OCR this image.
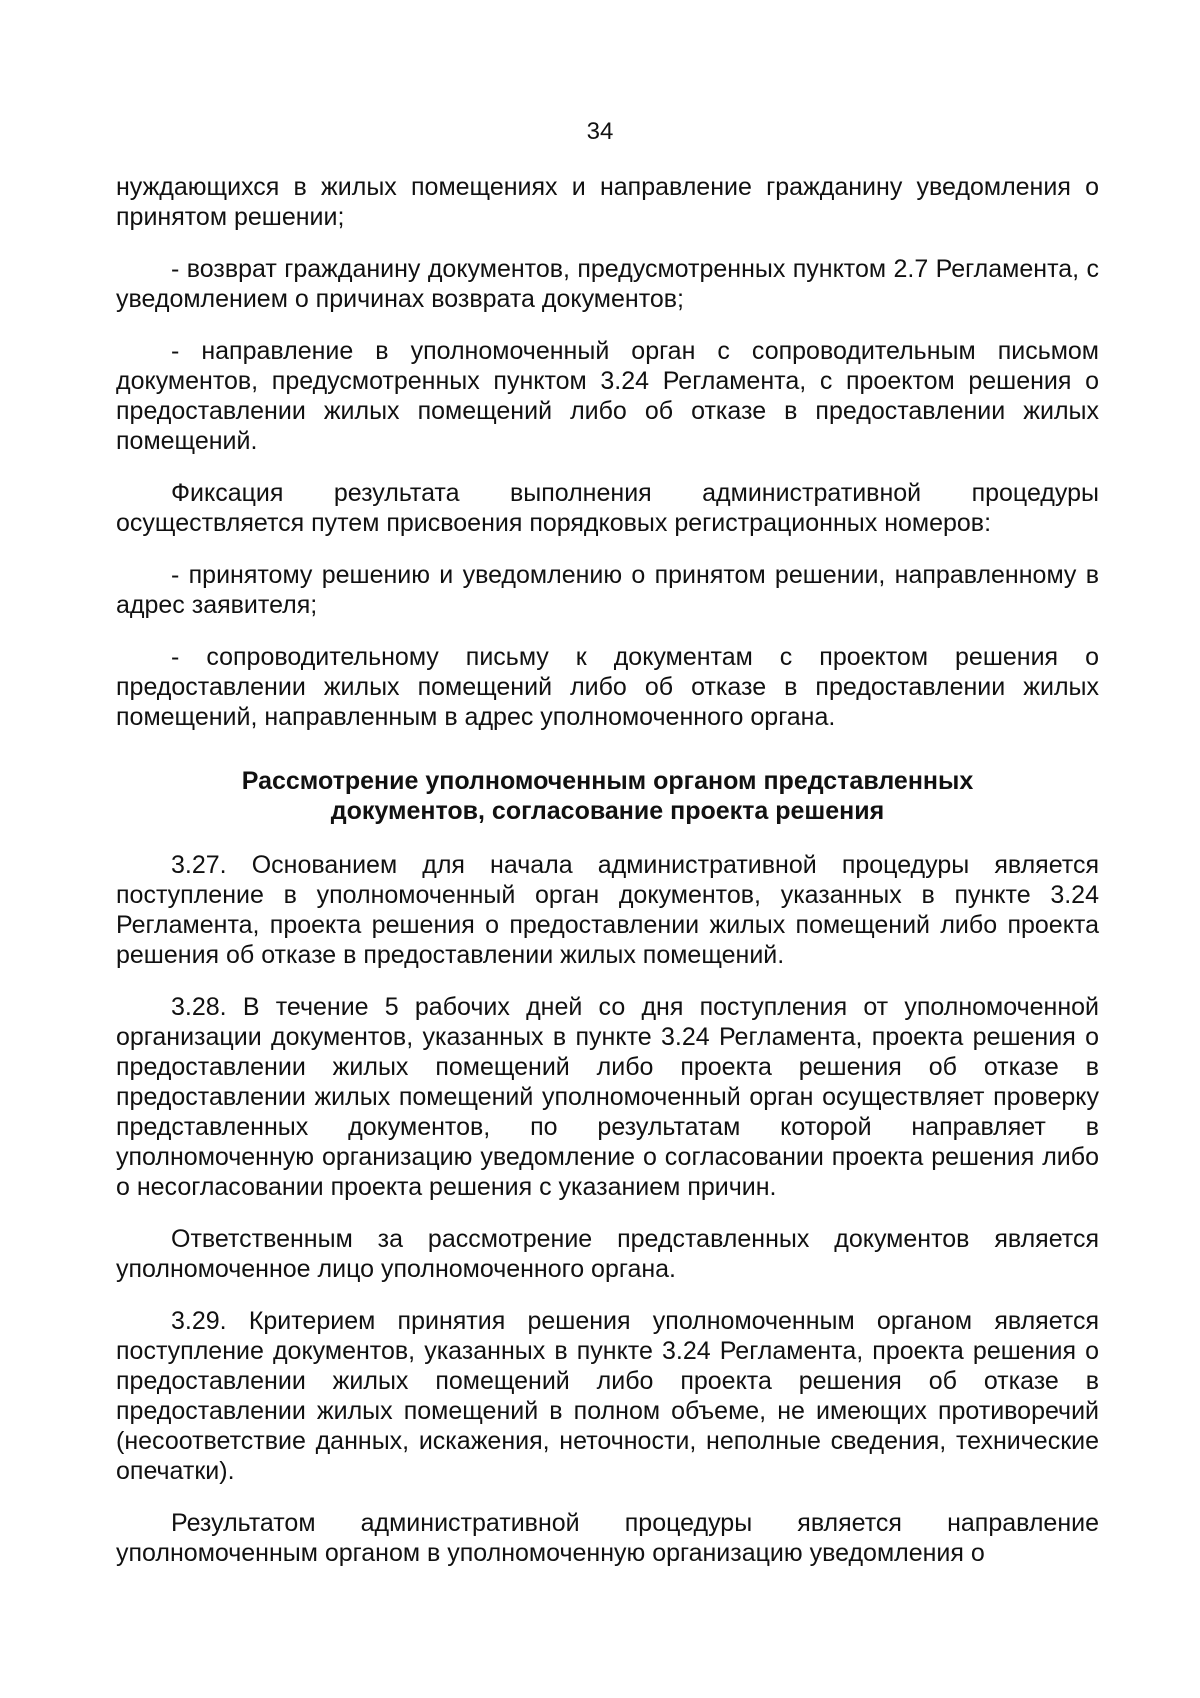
34

нуждающихся в жилых помещениях и направление гражданину уведомления о принятом решении;

- возврат гражданину документов, предусмотренных пунктом 2.7 Регламента, с уведомлением о причинах возврата документов;

- направление в уполномоченный орган с сопроводительным письмом документов, предусмотренных пунктом 3.24 Регламента, с проектом решения о предоставлении жилых помещений либо об отказе в предоставлении жилых помещений.

Фиксация результата выполнения административной процедуры осуществляется путем присвоения порядковых регистрационных номеров:

- принятому решению и уведомлению о принятом решении, направленному в адрес заявителя;

- сопроводительному письму к документам с проектом решения о предоставлении жилых помещений либо об отказе в предоставлении жилых помещений, направленным в адрес уполномоченного органа.

Рассмотрение уполномоченным органом представленных
документов, согласование проекта решения

3.27. Основанием для начала административной процедуры является поступление в уполномоченный орган документов, указанных в пункте 3.24 Регламента, проекта решения о предоставлении жилых помещений либо проекта решения об отказе в предоставлении жилых помещений.

3.28. В течение 5 рабочих дней со дня поступления от уполномоченной организации документов, указанных в пункте 3.24 Регламента, проекта решения о предоставлении жилых помещений либо проекта решения об отказе в предоставлении жилых помещений уполномоченный орган осуществляет проверку представленных документов, по результатам которой направляет в уполномоченную организацию уведомление о согласовании проекта решения либо о несогласовании проекта решения с указанием причин.

Ответственным за рассмотрение представленных документов является уполномоченное лицо уполномоченного органа.

3.29. Критерием принятия решения уполномоченным органом является поступление документов, указанных в пункте 3.24 Регламента, проекта решения о предоставлении жилых помещений либо проекта решения об отказе в предоставлении жилых помещений в полном объеме, не имеющих противоречий (несоответствие данных, искажения, неточности, неполные сведения, технические опечатки).

Результатом административной процедуры является направление уполномоченным органом в уполномоченную организацию уведомления о
